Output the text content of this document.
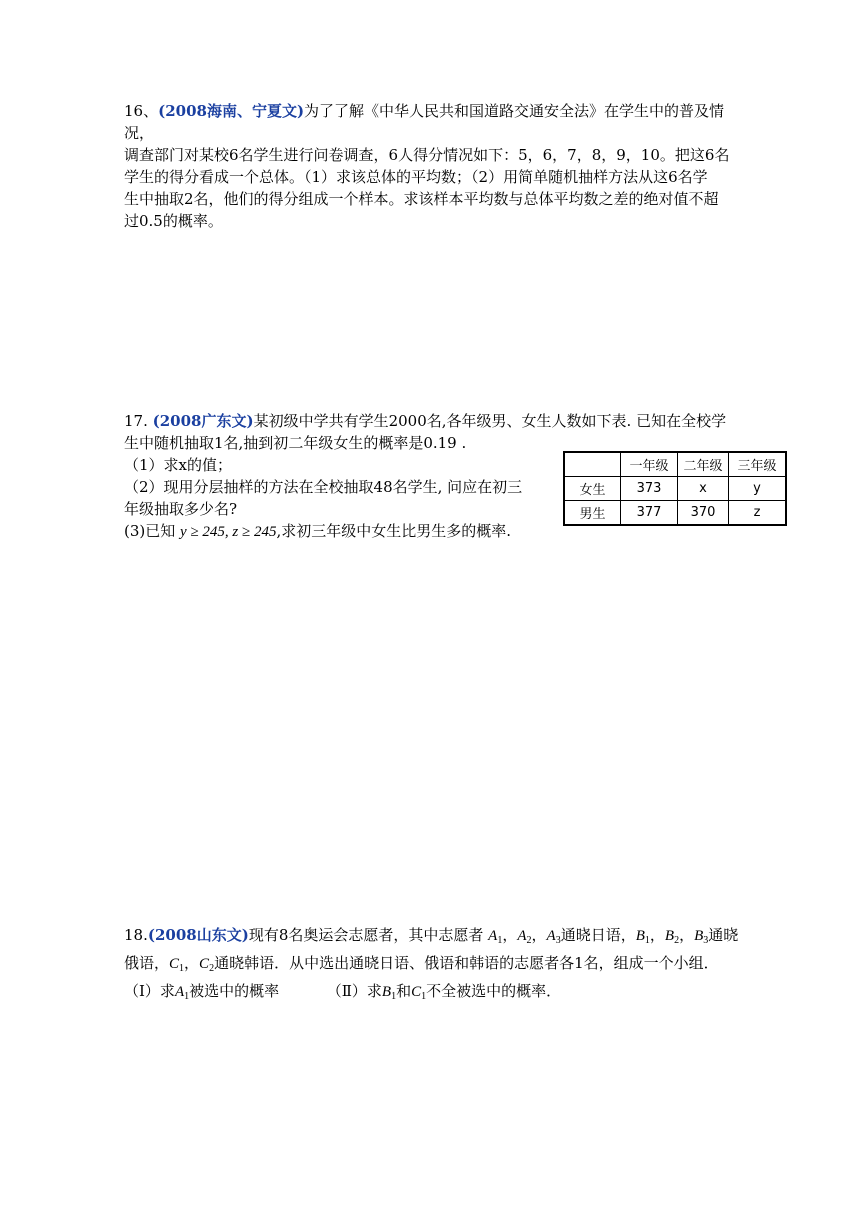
16、(2008海南、宁夏文)为了了解《中华人民共和国道路交通安全法》在学生中的普及情况，
调查部门对某校6名学生进行问卷调查，6人得分情况如下：5，6，7，8，9，10。把这6名
学生的得分看成一个总体。（1）求该总体的平均数；（2）用简单随机抽样方法从这6名学
生中抽取2名，他们的得分组成一个样本。求该样本平均数与总体平均数之差的绝对值不超
过0.5的概率。
17. (2008广东文)某初级中学共有学生2000名,各年级男、女生人数如下表. 已知在全校学
生中随机抽取1名,抽到初二年级女生的概率是0.19 .
（1）求x的值；
（2）现用分层抽样的方法在全校抽取48名学生, 问应在初三
年级抽取多少名?
(3)已知 y ≥ 245, z ≥ 245,求初三年级中女生比男生多的概率.
	一年级	二年级	三年级
女生	373	x	y
男生	377	370	z
18.(2008山东文)现有8名奥运会志愿者，其中志愿者 $A_1$，$A_2$，$A_3$通晓日语，$B_1$，$B_2$，$B_3$通晓
俄语，$C_1$，$C_2$通晓韩语．从中选出通晓日语、俄语和韩语的志愿者各1名，组成一个小组．
（Ⅰ）求$A_1$被选中的概率	（Ⅱ）求$B_1$和$C_1$不全被选中的概率．
